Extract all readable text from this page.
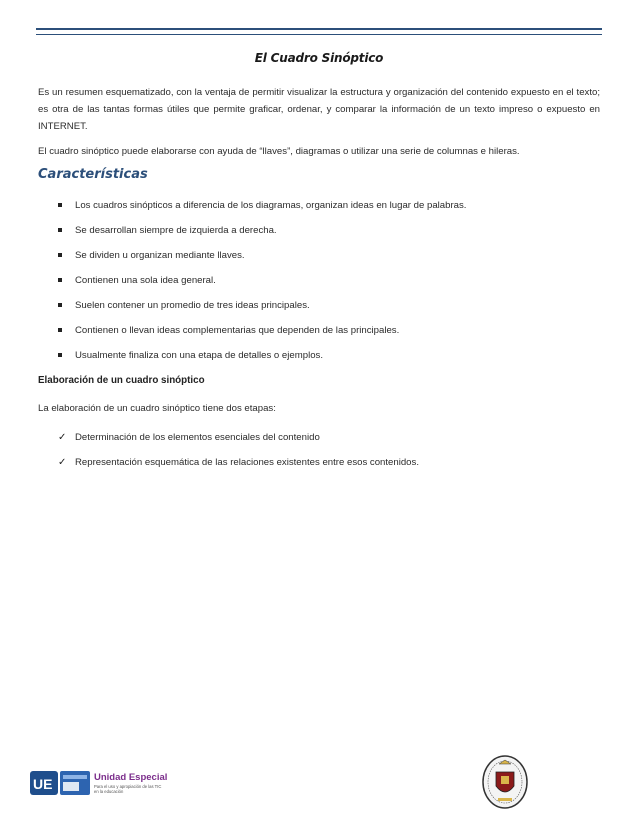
El Cuadro Sinóptico
Es un resumen esquematizado, con la ventaja de permitir visualizar la estructura y organización del contenido expuesto en el texto; es otra de las tantas formas útiles que permite graficar, ordenar, y comparar la información de un texto impreso o expuesto en INTERNET.
El cuadro sinóptico puede elaborarse con ayuda de “llaves”, diagramas o utilizar una serie de columnas e hileras.
Características
Los cuadros sinópticos a diferencia de los diagramas, organizan ideas en lugar de palabras.
Se desarrollan siempre de izquierda a derecha.
Se dividen u organizan mediante llaves.
Contienen una sola idea general.
Suelen contener un promedio de tres ideas principales.
Contienen o llevan ideas complementarias que dependen de las principales.
Usualmente finaliza con una etapa de detalles o ejemplos.
Elaboración de un cuadro sinóptico
La elaboración de un cuadro sinóptico tiene dos etapas:
✓ Determinación de los elementos esenciales del contenido
✓ Representación esquemática de las relaciones existentes entre esos contenidos.
UE	Unidad Especial
Para el uso y apropiación de las TIC
en la educación
